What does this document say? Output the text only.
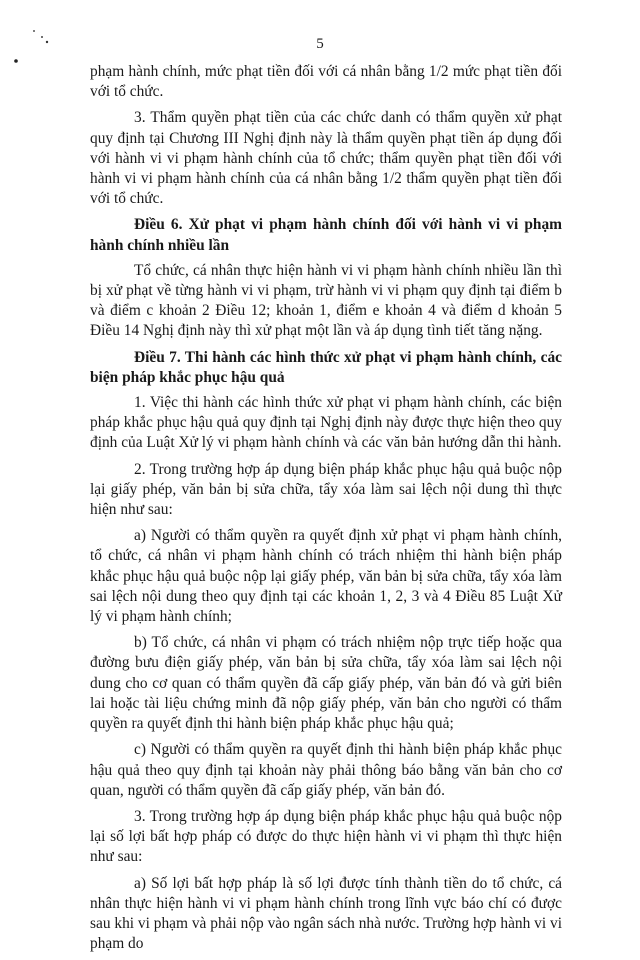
5

phạm hành chính, mức phạt tiền đối với cá nhân bằng 1/2 mức phạt tiền đối với tổ chức.

3. Thẩm quyền phạt tiền của các chức danh có thẩm quyền xử phạt quy định tại Chương III Nghị định này là thẩm quyền phạt tiền áp dụng đối với hành vi vi phạm hành chính của tổ chức; thẩm quyền phạt tiền đối với hành vi vi phạm hành chính của cá nhân bằng 1/2 thẩm quyền phạt tiền đối với tổ chức.

Điều 6. Xử phạt vi phạm hành chính đối với hành vi vi phạm hành chính nhiều lần

Tổ chức, cá nhân thực hiện hành vi vi phạm hành chính nhiều lần thì bị xử phạt về từng hành vi vi phạm, trừ hành vi vi phạm quy định tại điểm b và điểm c khoản 2 Điều 12; khoản 1, điểm e khoản 4 và điểm d khoản 5 Điều 14 Nghị định này thì xử phạt một lần và áp dụng tình tiết tăng nặng.

Điều 7. Thi hành các hình thức xử phạt vi phạm hành chính, các biện pháp khắc phục hậu quả

1. Việc thi hành các hình thức xử phạt vi phạm hành chính, các biện pháp khắc phục hậu quả quy định tại Nghị định này được thực hiện theo quy định của Luật Xử lý vi phạm hành chính và các văn bản hướng dẫn thi hành.

2. Trong trường hợp áp dụng biện pháp khắc phục hậu quả buộc nộp lại giấy phép, văn bản bị sửa chữa, tẩy xóa làm sai lệch nội dung thì thực hiện như sau:

a) Người có thẩm quyền ra quyết định xử phạt vi phạm hành chính, tổ chức, cá nhân vi phạm hành chính có trách nhiệm thi hành biện pháp khắc phục hậu quả buộc nộp lại giấy phép, văn bản bị sửa chữa, tẩy xóa làm sai lệch nội dung theo quy định tại các khoản 1, 2, 3 và 4 Điều 85 Luật Xử lý vi phạm hành chính;

b) Tổ chức, cá nhân vi phạm có trách nhiệm nộp trực tiếp hoặc qua đường bưu điện giấy phép, văn bản bị sửa chữa, tẩy xóa làm sai lệch nội dung cho cơ quan có thẩm quyền đã cấp giấy phép, văn bản đó và gửi biên lai hoặc tài liệu chứng minh đã nộp giấy phép, văn bản cho người có thẩm quyền ra quyết định thi hành biện pháp khắc phục hậu quả;

c) Người có thẩm quyền ra quyết định thi hành biện pháp khắc phục hậu quả theo quy định tại khoản này phải thông báo bằng văn bản cho cơ quan, người có thẩm quyền đã cấp giấy phép, văn bản đó.

3. Trong trường hợp áp dụng biện pháp khắc phục hậu quả buộc nộp lại số lợi bất hợp pháp có được do thực hiện hành vi vi phạm thì thực hiện như sau:

a) Số lợi bất hợp pháp là số lợi được tính thành tiền do tổ chức, cá nhân thực hiện hành vi vi phạm hành chính trong lĩnh vực báo chí có được sau khi vi phạm và phải nộp vào ngân sách nhà nước. Trường hợp hành vi vi phạm do
